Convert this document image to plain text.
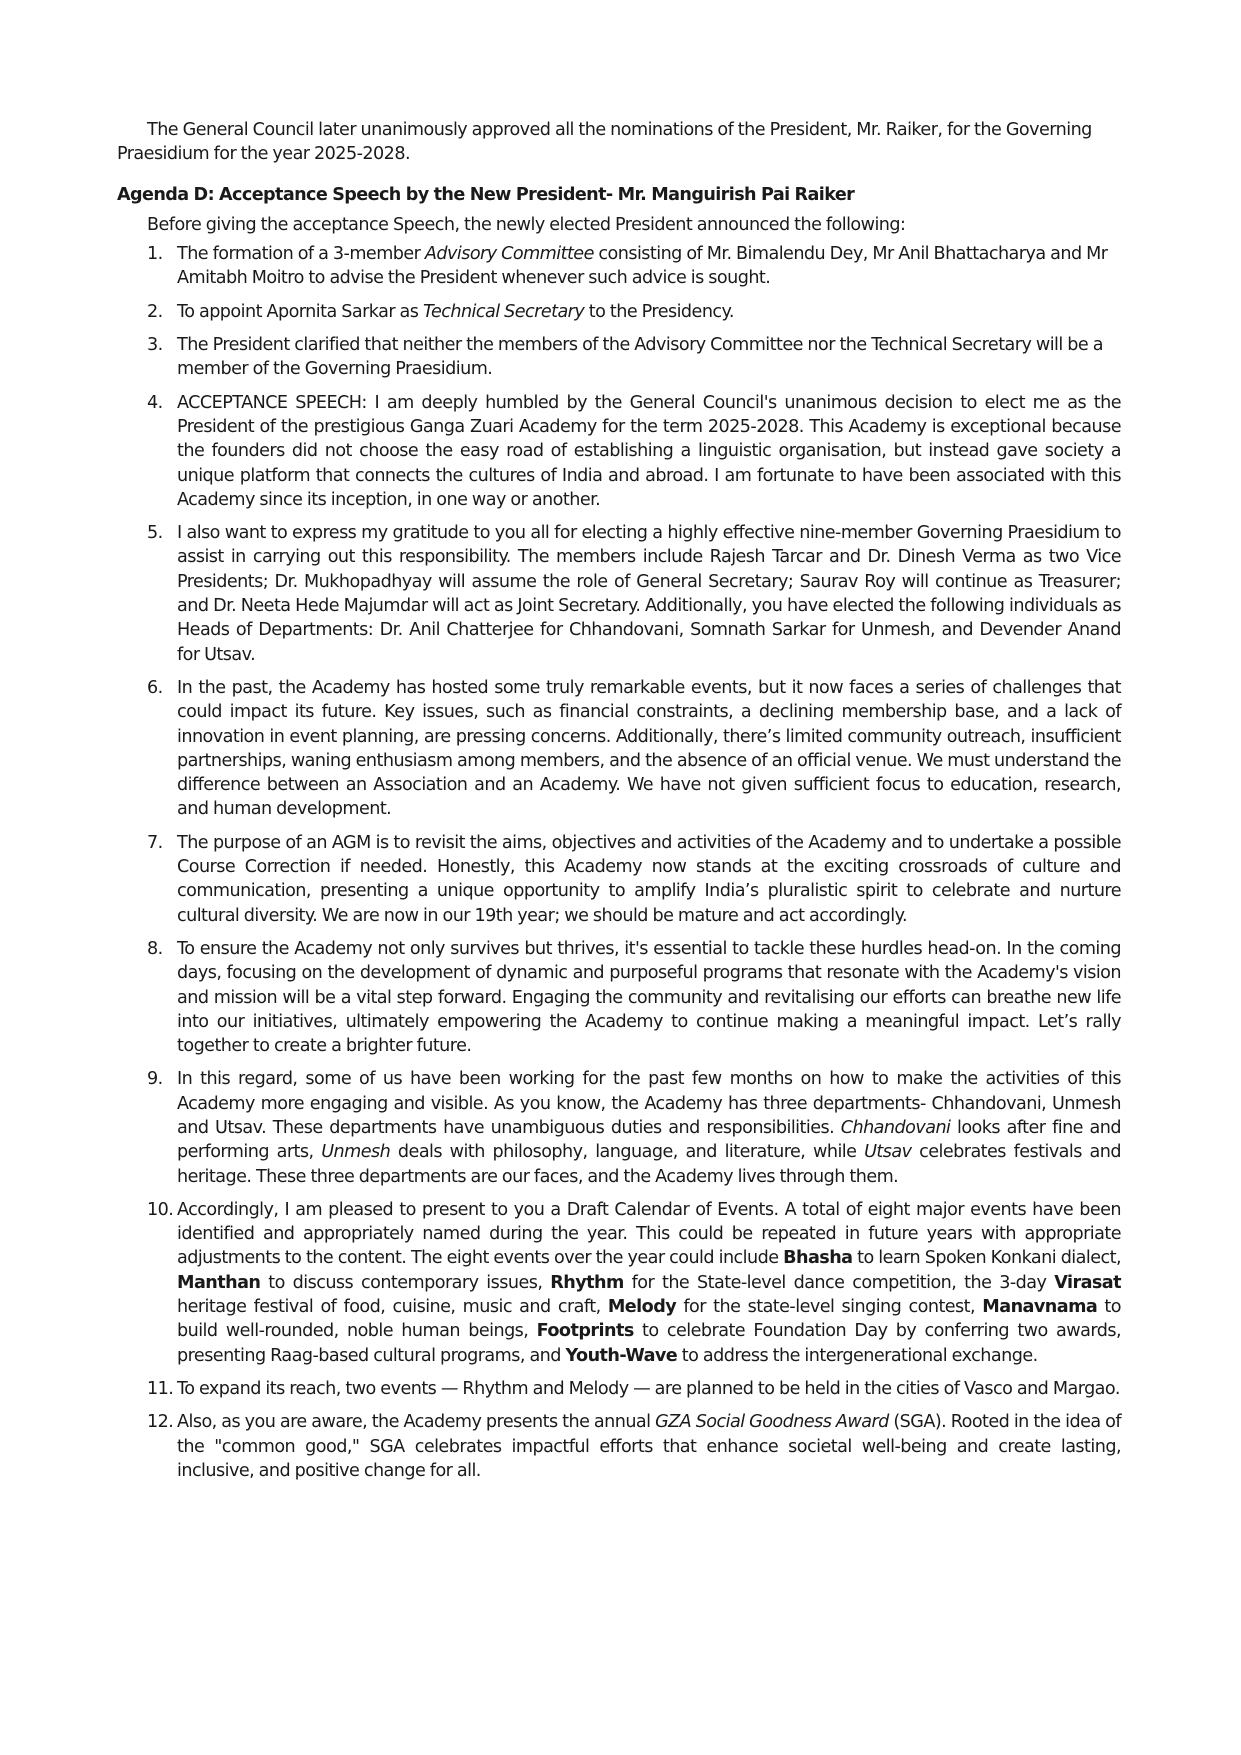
The General Council later unanimously approved all the nominations of the President, Mr. Raiker, for the Governing Praesidium for the year 2025-2028.

Agenda D: Acceptance Speech by the New President- Mr. Manguirish Pai Raiker

Before giving the acceptance Speech, the newly elected President announced the following:

1. The formation of a 3-member Advisory Committee consisting of Mr. Bimalendu Dey, Mr Anil Bhattacharya and Mr Amitabh Moitro to advise the President whenever such advice is sought.
2. To appoint Apornita Sarkar as Technical Secretary to the Presidency.
3. The President clarified that neither the members of the Advisory Committee nor the Technical Secretary will be a member of the Governing Praesidium.
4. ACCEPTANCE SPEECH: I am deeply humbled by the General Council's unanimous decision to elect me as the President of the prestigious Ganga Zuari Academy for the term 2025-2028. This Academy is exceptional because the founders did not choose the easy road of establishing a linguistic organisation, but instead gave society a unique platform that connects the cultures of India and abroad. I am fortunate to have been associated with this Academy since its inception, in one way or another.
5. I also want to express my gratitude to you all for electing a highly effective nine-member Governing Praesidium to assist in carrying out this responsibility. The members include Rajesh Tarcar and Dr. Dinesh Verma as two Vice Presidents; Dr. Mukhopadhyay will assume the role of General Secretary; Saurav Roy will continue as Treasurer; and Dr. Neeta Hede Majumdar will act as Joint Secretary. Additionally, you have elected the following individuals as Heads of Departments: Dr. Anil Chatterjee for Chhandovani, Somnath Sarkar for Unmesh, and Devender Anand for Utsav.
6. In the past, the Academy has hosted some truly remarkable events, but it now faces a series of challenges that could impact its future. Key issues, such as financial constraints, a declining membership base, and a lack of innovation in event planning, are pressing concerns. Additionally, there’s limited community outreach, insufficient partnerships, waning enthusiasm among members, and the absence of an official venue. We must understand the difference between an Association and an Academy. We have not given sufficient focus to education, research, and human development.
7. The purpose of an AGM is to revisit the aims, objectives and activities of the Academy and to undertake a possible Course Correction if needed. Honestly, this Academy now stands at the exciting crossroads of culture and communication, presenting a unique opportunity to amplify India’s pluralistic spirit to celebrate and nurture cultural diversity. We are now in our 19th year; we should be mature and act accordingly.
8. To ensure the Academy not only survives but thrives, it's essential to tackle these hurdles head-on. In the coming days, focusing on the development of dynamic and purposeful programs that resonate with the Academy's vision and mission will be a vital step forward. Engaging the community and revitalising our efforts can breathe new life into our initiatives, ultimately empowering the Academy to continue making a meaningful impact. Let’s rally together to create a brighter future.
9. In this regard, some of us have been working for the past few months on how to make the activities of this Academy more engaging and visible. As you know, the Academy has three departments- Chhandovani, Unmesh and Utsav. These departments have unambiguous duties and responsibilities. Chhandovani looks after fine and performing arts, Unmesh deals with philosophy, language, and literature, while Utsav celebrates festivals and heritage. These three departments are our faces, and the Academy lives through them.
10. Accordingly, I am pleased to present to you a Draft Calendar of Events. A total of eight major events have been identified and appropriately named during the year. This could be repeated in future years with appropriate adjustments to the content. The eight events over the year could include Bhasha to learn Spoken Konkani dialect, Manthan to discuss contemporary issues, Rhythm for the State-level dance competition, the 3-day Virasat heritage festival of food, cuisine, music and craft, Melody for the state-level singing contest, Manavnama to build well-rounded, noble human beings, Footprints to celebrate Foundation Day by conferring two awards, presenting Raag-based cultural programs, and Youth-Wave to address the intergenerational exchange.
11. To expand its reach, two events — Rhythm and Melody — are planned to be held in the cities of Vasco and Margao.
12. Also, as you are aware, the Academy presents the annual GZA Social Goodness Award (SGA). Rooted in the idea of the "common good," SGA celebrates impactful efforts that enhance societal well-being and create lasting, inclusive, and positive change for all.
